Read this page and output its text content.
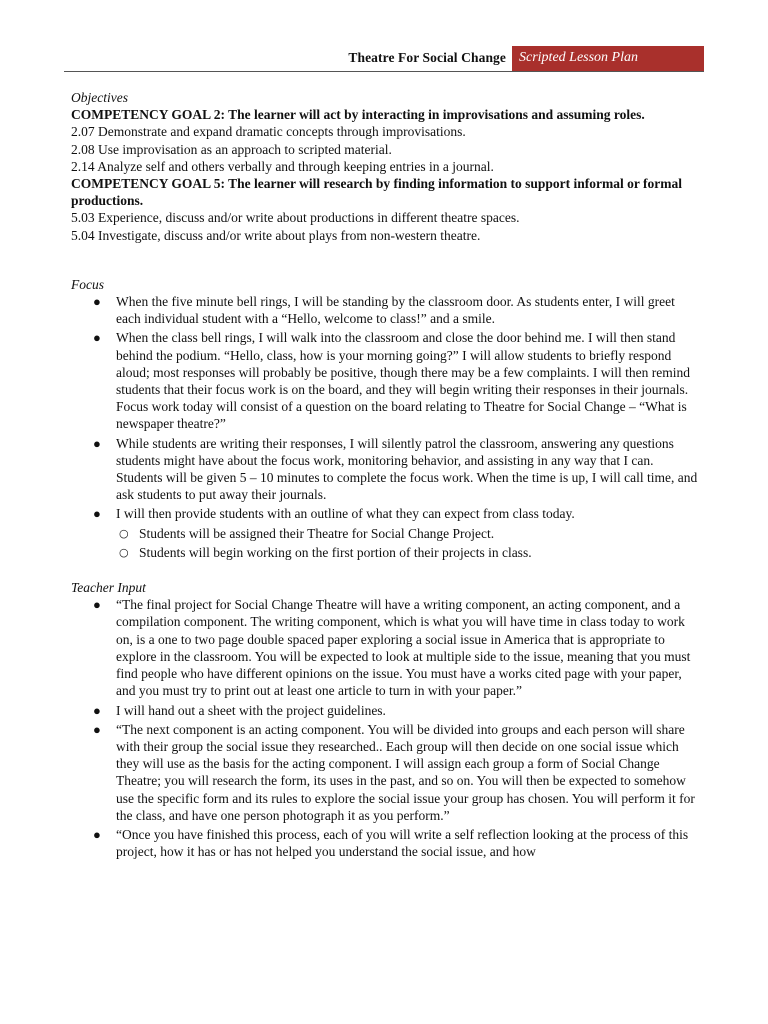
Theatre For Social Change Scripted Lesson Plan

Objectives

COMPETENCY GOAL 2: The learner will act by interacting in improvisations and assuming roles.

2.07 Demonstrate and expand dramatic concepts through improvisations.

2.08 Use improvisation as an approach to scripted material.

2.14 Analyze self and others verbally and through keeping entries in a journal.

COMPETENCY GOAL 5: The learner will research by finding information to support informal or formal productions.

5.03 Experience, discuss and/or write about productions in different theatre spaces.

5.04 Investigate, discuss and/or write about plays from non-western theatre.

Focus

● When the five minute bell rings, I will be standing by the classroom door. As students enter, I will greet each individual student with a “Hello, welcome to class!” and a smile.

● When the class bell rings, I will walk into the classroom and close the door behind me. I will then stand behind the podium. “Hello, class, how is your morning going?” I will allow students to briefly respond aloud; most responses will probably be positive, though there may be a few complaints. I will then remind students that their focus work is on the board, and they will begin writing their responses in their journals. Focus work today will consist of a question on the board relating to Theatre for Social Change – “What is newspaper theatre?”

● While students are writing their responses, I will silently patrol the classroom, answering any questions students might have about the focus work, monitoring behavior, and assisting in any way that I can. Students will be given 5 – 10 minutes to complete the focus work. When the time is up, I will call time, and ask students to put away their journals.

● I will then provide students with an outline of what they can expect from class today.

○ Students will be assigned their Theatre for Social Change Project.

○ Students will begin working on the first portion of their projects in class.

Teacher Input

● “The final project for Social Change Theatre will have a writing component, an acting component, and a compilation component. The writing component, which is what you will have time in class today to work on, is a one to two page double spaced paper exploring a social issue in America that is appropriate to explore in the classroom. You will be expected to look at multiple side to the issue, meaning that you must find people who have different opinions on the issue. You must have a works cited page with your paper, and you must try to print out at least one article to turn in with your paper.”

● I will hand out a sheet with the project guidelines.

● “The next component is an acting component. You will be divided into groups and each person will share with their group the social issue they researched.. Each group will then decide on one social issue which they will use as the basis for the acting component. I will assign each group a form of Social Change Theatre; you will research the form, its uses in the past, and so on. You will then be expected to somehow use the specific form and its rules to explore the social issue your group has chosen. You will perform it for the class, and have one person photograph it as you perform.”

● “Once you have finished this process, each of you will write a self reflection looking at the process of this project, how it has or has not helped you understand the social issue, and how
